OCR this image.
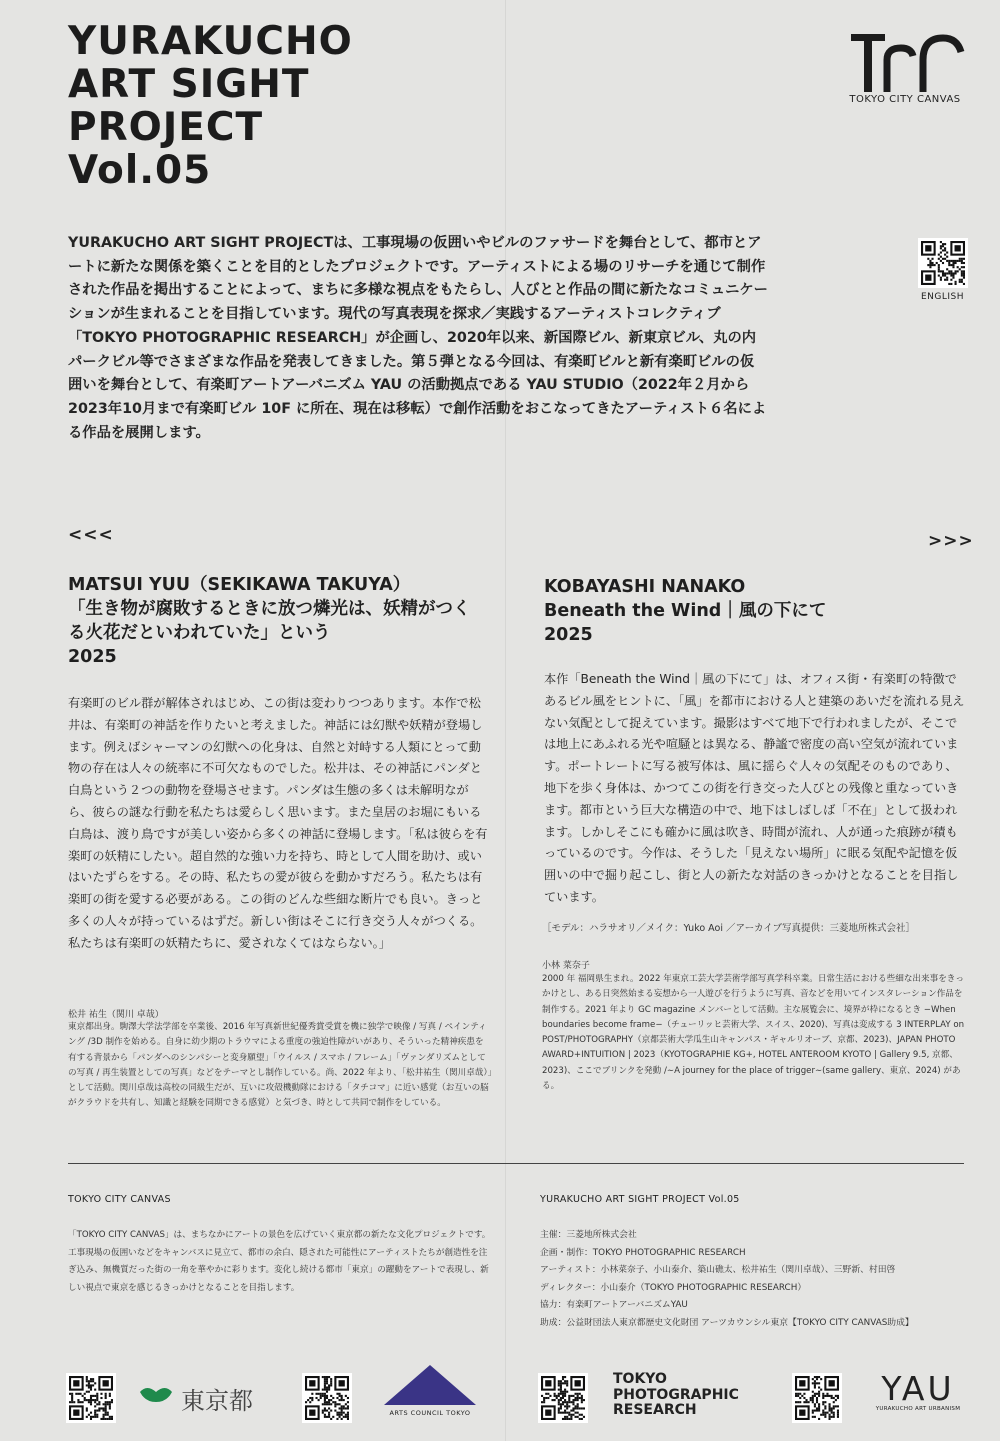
YURAKUCHO
ART SIGHT
PROJECT
Vol.05
TOKYO CITY CANVAS
ENGLISH
YURAKUCHO ART SIGHT PROJECTは、工事現場の仮囲いやビルのファサードを舞台として、都市とアートに新たな関係を築くことを目的としたプロジェクトです。アーティストによる場のリサーチを通じて制作された作品を掲出することによって、まちに多様な視点をもたらし、人びとと作品の間に新たなコミュニケーションが生まれることを目指しています。現代の写真表現を探求／実践するアーティストコレクティブ「TOKYO PHOTOGRAPHIC RESEARCH」が企画し、2020年以来、新国際ビル、新東京ビル、丸の内パークビル等でさまざまな作品を発表してきました。第５弾となる今回は、有楽町ビルと新有楽町ビルの仮囲いを舞台として、有楽町アートアーバニズム YAU の活動拠点である YAU STUDIO（2022年２月から2023年10月まで有楽町ビル 10F に所在、現在は移転）で創作活動をおこなってきたアーティスト６名による作品を展開します。
<<<	>>>
MATSUI YUU（SEKIKAWA TAKUYA）
「生き物が腐敗するときに放つ燐光は、妖精がつく
る火花だといわれていた」という
2025
有楽町のビル群が解体されはじめ、この街は変わりつつあります。本作で松井は、有楽町の神話を作りたいと考えました。神話には幻獣や妖精が登場します。例えばシャーマンの幻獣への化身は、自然と対峙する人類にとって動物の存在は人々の統率に不可欠なものでした。松井は、その神話にパンダと白鳥という２つの動物を登場させます。パンダは生態の多くは未解明ながら、彼らの謎な行動を私たちは愛らしく思います。また皇居のお堀にもいる白鳥は、渡り鳥ですが美しい姿から多くの神話に登場します。「私は彼らを有楽町の妖精にしたい。超自然的な強い力を持ち、時として人間を助け、或いはいたずらをする。その時、私たちの愛が彼らを動かすだろう。私たちは有楽町の街を愛する必要がある。この街のどんな些細な断片でも良い。きっと多くの人々が持っているはずだ。新しい街はそこに行き交う人々がつくる。私たちは有楽町の妖精たちに、愛されなくてはならない。」
松井 祐生（関川 卓哉）
東京都出身。駒澤大学法学部を卒業後、2016 年写真新世紀優秀賞受賞を機に独学で映像 / 写真 / ペインティング /3D 制作を始める。自身に幼少期のトラウマによる重度の強迫性障がいがあり、そういった精神疾患を有する背景から「パンダへのシンパシーと変身願望」「ウイルス / スマホ / フレーム」「ヴァンダリズムとしての写真 / 再生装置としての写真」などをテーマとし制作している。尚、2022 年より、「松井祐生（関川卓哉）」として活動。関川卓哉は高校の同級生だが、互いに攻殻機動隊における「タチコマ」に近い感覚（お互いの脳がクラウドを共有し、知識と経験を同期できる感覚）と気づき、時として共同で制作をしている。
KOBAYASHI NANAKO
Beneath the Wind｜風の下にて
2025
本作「Beneath the Wind｜風の下にて」は、オフィス街・有楽町の特徴であるビル風をヒントに、「風」を都市における人と建築のあいだを流れる見えない気配として捉えています。撮影はすべて地下で行われましたが、そこでは地上にあふれる光や喧騒とは異なる、静謐で密度の高い空気が流れています。ポートレートに写る被写体は、風に揺らぐ人々の気配そのものであり、地下を歩く身体は、かつてこの街を行き交った人びとの残像と重なっていきます。都市という巨大な構造の中で、地下はしばしば「不在」として扱われます。しかしそこにも確かに風は吹き、時間が流れ、人が通った痕跡が積もっているのです。今作は、そうした「見えない場所」に眠る気配や記憶を仮囲いの中で掘り起こし、街と人の新たな対話のきっかけとなることを目指しています。
［モデル：ハラサオリ／メイク：Yuko Aoi ／アーカイブ写真提供：三菱地所株式会社］
小林 菜奈子
2000 年 福岡県生まれ。2022 年東京工芸大学芸術学部写真学科卒業。日常生活における些細な出来事をきっかけとし、ある日突然始まる妄想から一人遊びを行うように写真、音などを用いてインスタレーション作品を制作する。2021 年より GC magazine メンバーとして活動。主な展覧会に、境界が枠になるとき −When boundaries become frame−（チューリッヒ芸術大学、スイス、2020)、写真は変成する 3 INTERPLAY on POST/PHOTOGRAPHY（京都芸術大学瓜生山キャンパス・ギャルリオーブ、京都、2023)、JAPAN PHOTO AWARD+INTUITION | 2023（KYOTOGRAPHIE KG+, HOTEL ANTEROOM KYOTO | Gallery 9.5, 京都、2023)、ここでブリンクを発動 /∼A journey for the place of trigger∼(same gallery、東京、2024) がある。
TOKYO CITY CANVAS
「TOKYO CITY CANVAS」は、まちなかにアートの景色を広げていく東京都の新たな文化プロジェクトです。工事現場の仮囲いなどをキャンバスに見立て、都市の余白、隠された可能性にアーティストたちが創造性を注ぎ込み、無機質だった街の一角を華やかに彩ります。変化し続ける都市「東京」の躍動をアートで表現し、新しい視点で東京を感じるきっかけとなることを目指します。
YURAKUCHO ART SIGHT PROJECT Vol.05
主催：三菱地所株式会社
企画・制作：TOKYO PHOTOGRAPHIC RESEARCH
アーティスト：小林菜奈子、小山泰介、築山礁太、松井祐生（関川卓哉）、三野新、村田啓
ディレクター：小山泰介（TOKYO PHOTOGRAPHIC RESEARCH）
協力：有楽町アートアーバニズムYAU
助成：公益財団法人東京都歴史文化財団 アーツカウンシル東京【TOKYO CITY CANVAS助成】
東京都	ARTS COUNCIL TOKYO
TOKYO
PHOTOGRAPHIC
RESEARCH
YAU
YURAKUCHO ART URBANISM
